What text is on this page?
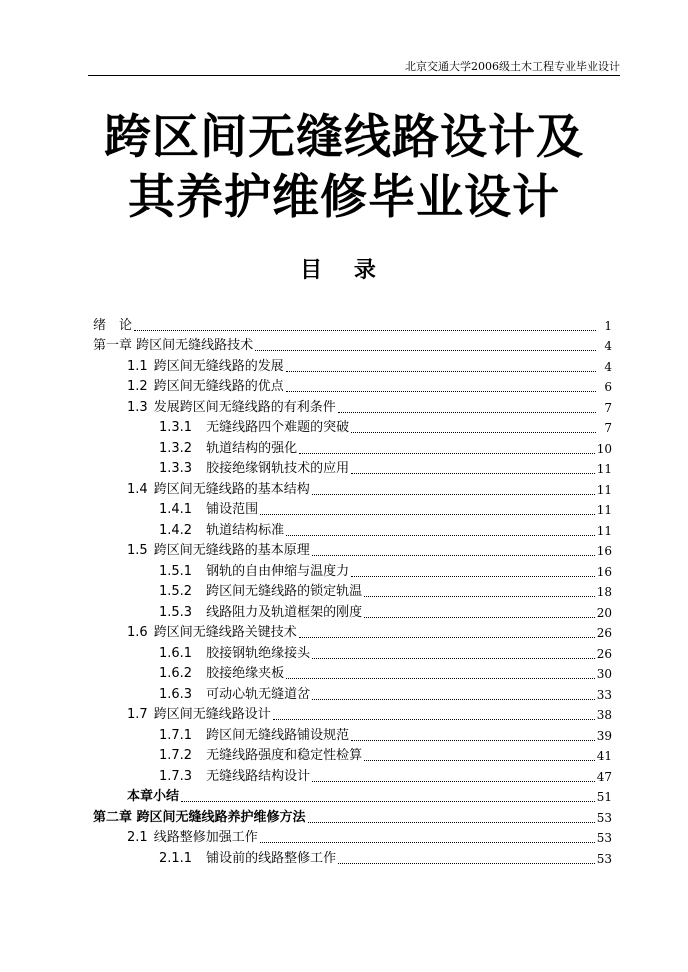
北京交通大学2006级土木工程专业毕业设计
跨区间无缝线路设计及
其养护维修毕业设计
目 录
绪　论	1
第一章 跨区间无缝线路技术	4
1.1 跨区间无缝线路的发展	4
1.2 跨区间无缝线路的优点	6
1.3 发展跨区间无缝线路的有利条件	7
1.3.1 无缝线路四个难题的突破	7
1.3.2 轨道结构的强化	10
1.3.3 胶接绝缘钢轨技术的应用	11
1.4 跨区间无缝线路的基本结构	11
1.4.1 铺设范围	11
1.4.2 轨道结构标准	11
1.5 跨区间无缝线路的基本原理	16
1.5.1 钢轨的自由伸缩与温度力	16
1.5.2 跨区间无缝线路的锁定轨温	18
1.5.3 线路阻力及轨道框架的刚度	20
1.6 跨区间无缝线路关键技术	26
1.6.1 胶接钢轨绝缘接头	26
1.6.2 胶接绝缘夹板	30
1.6.3 可动心轨无缝道岔	33
1.7 跨区间无缝线路设计	38
1.7.1 跨区间无缝线路铺设规范	39
1.7.2 无缝线路强度和稳定性检算	41
1.7.3 无缝线路结构设计	47
本章小结	51
第二章 跨区间无缝线路养护维修方法	53
2.1 线路整修加强工作	53
2.1.1 铺设前的线路整修工作	53
